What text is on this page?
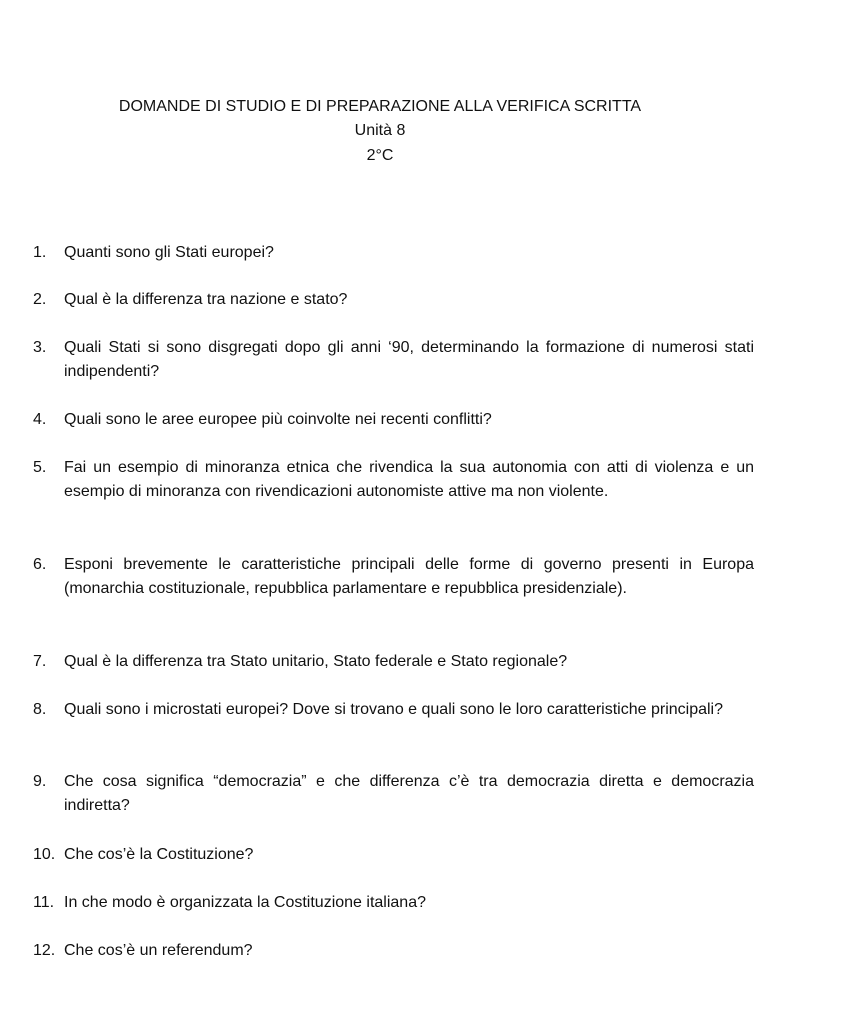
DOMANDE DI STUDIO E DI PREPARAZIONE ALLA VERIFICA SCRITTA
Unità 8
2°C
1. Quanti sono gli Stati europei?
2. Qual è la differenza tra nazione e stato?
3. Quali Stati si sono disgregati dopo gli anni ‘90, determinando la formazione di numerosi stati indipendenti?
4. Quali sono le aree europee più coinvolte nei recenti conflitti?
5. Fai un esempio di minoranza etnica che rivendica la sua autonomia con atti di violenza e un esempio di minoranza con rivendicazioni autonomiste attive ma non violente.
6. Esponi brevemente le caratteristiche principali delle forme di governo presenti in Europa (monarchia costituzionale, repubblica parlamentare e repubblica presidenziale).
7. Qual è la differenza tra Stato unitario, Stato federale e Stato regionale?
8. Quali sono i microstati europei? Dove si trovano e quali sono le loro caratteristiche principali?
9. Che cosa significa “democrazia” e che differenza c’è tra democrazia diretta e democrazia indiretta?
10. Che cos’è la Costituzione?
11. In che modo è organizzata la Costituzione italiana?
12. Che cos’è un referendum?
